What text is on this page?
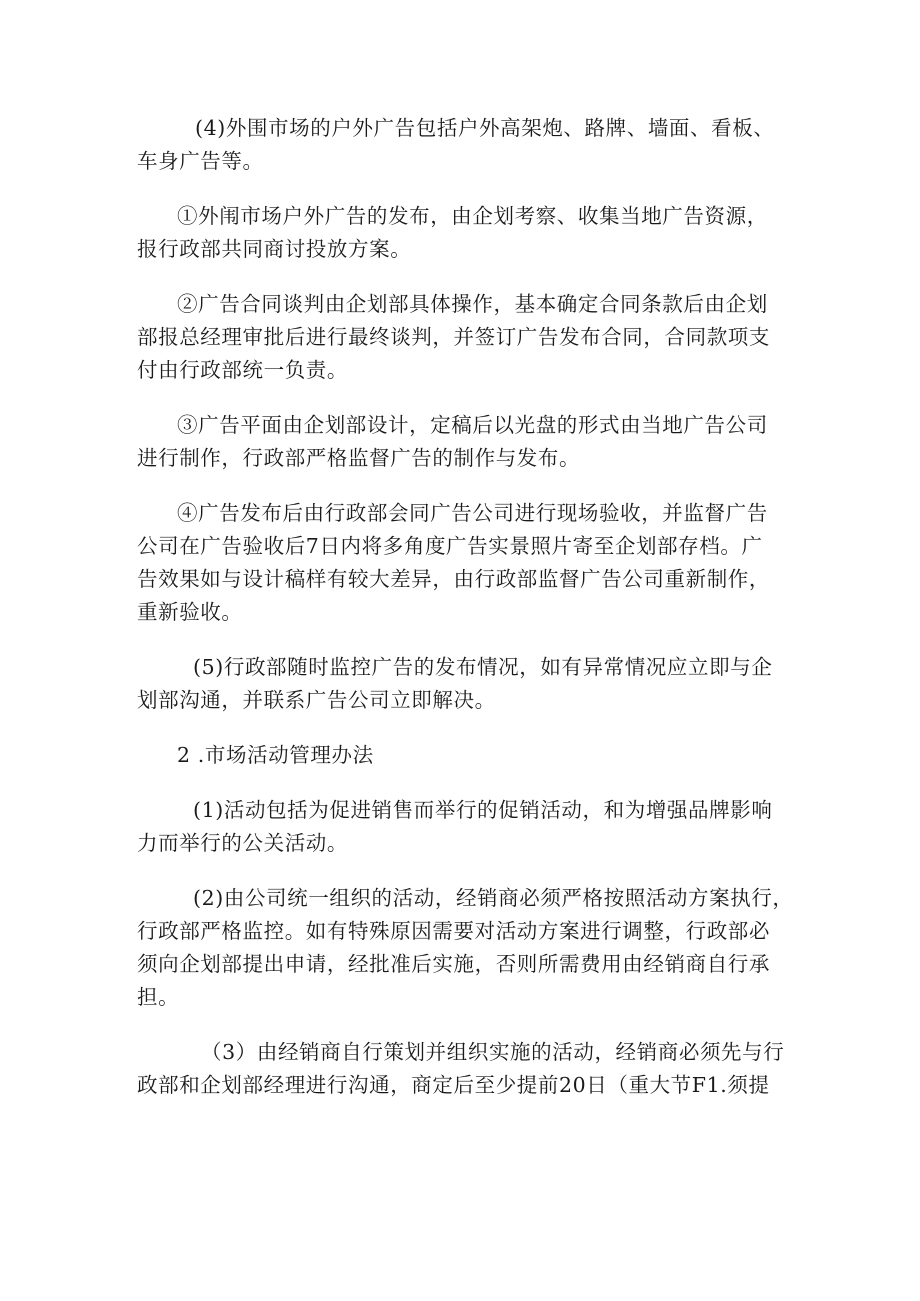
(4)外围市场的户外广告包括户外高架炮、路牌、墙面、看板、
车身广告等。

①外闱市场户外广告的发布，由企划考察、收集当地广告资源，
报行政部共同商讨投放方案。

②广告合同谈判由企划部具体操作，基本确定合同条款后由企划
部报总经理审批后进行最终谈判，并签订广告发布合同，合同款项支
付由行政部统一负责。

③广告平面由企划部设计，定稿后以光盘的形式由当地广告公司
进行制作，行政部严格监督广告的制作与发布。

④广告发布后由行政部会同广告公司进行现场验收，并监督广告
公司在广告验收后7日内将多角度广告实景照片寄至企划部存档。广
告效果如与设计稿样有较大差异，由行政部监督广告公司重新制作，
重新验收。

(5)行政部随时监控广告的发布情况，如有异常情况应立即与企
划部沟通，并联系广告公司立即解决。

2 .市场活动管理办法

(1)活动包括为促进销售而举行的促销活动，和为增强品牌影响
力而举行的公关活动。

(2)由公司统一组织的活动，经销商必须严格按照活动方案执行，
行政部严格监控。如有特殊原因需要对活动方案进行调整，行政部必
须向企划部提出申请，经批准后实施，否则所需费用由经销商自行承
担。

（3）由经销商自行策划并组织实施的活动，经销商必须先与行
政部和企划部经理进行沟通，商定后至少提前20日（重大节F1.须提
